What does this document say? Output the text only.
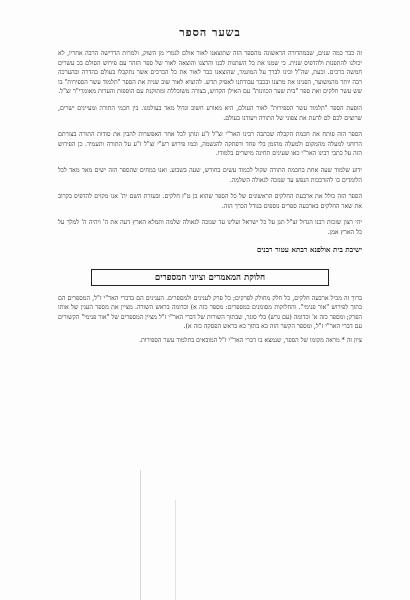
בשער הספר

זה כבר כמה שנים, שבמהדורה הראשונה מהספר הזה שתוצאנו לאור אולם לגמרי מן השוק, ולמרות הדרישה הרבה אחריו, לא יכולנו להתפנות ולהדפיס שנית. כי שמנו את כל השתנות לבנו והרצנו והוצאה לאור של ספר הזהר עם פירוש הסולם בכ עשרים חמשה כרכים. וכעת, שה"ל וכינו לברך על המוגמר, שהוצאנו כבר לאור את כל הכרכים אשר נתקבלו בעולם בהדרה ובהערכה רבה יותר מהמשוער, הפנינו את מרצנו ובכבר עבודתנו לאפיק תדש. להוציא לאור שוב שנית את הספר "תלמוד עשר הספירות" בו שש עשר חלקים ואת ספר "בית שער הכוונות" עם האילן הקדוש, בצורה משוכללת ומתוקנת עם הוספות והערות מאומרי"ר זצ"ל.

הופעת הספר "תלמוד עשר הספירות" לאור העולם, היא מאורע חשוב וגדול מאד בעולמנו. בין חכמי התורה ומעיינים ישרים, שרוצים לכם לם לדעת את צפוני של התורה ויעודנו בעולם.

הספר הזה פותח את חכמת הקבלה שכתבה רבינו האר"י זצ"ל ז"ע ונותן לכל אחר האפשרות להבין את סודות התורה בצורתם הרוחני למעלה מהמקום ולמעלה מהזמן בלי פחד ורפתקה להגשמה, וכמו פירוש רש"י זצ"ל ז"ע על התורה ותעמיד. כן הפירוש הזה על כתבי רבינו האר"י כאו שעינים תחינה מישרים בלמודו.

ידוע שלמוד שעה אחת בחכמת התורה שקול לכמוד עשים בחודש, שעה בשבוע. ואנו במחים שהספר הזה ישים מאד מאד לכל הלומדים בו להזדככות הנפש עד שנזכה לגאולה השלמה.

הספר הזה כולל את ארבעת החלקים הראשונים של כל הספר שהוא בן ט"ז חלקים. ובעזרת השם ית' אנו מקוים להדפיס בקרוב את שאר החלקים בארבעה ספרים נוספים בגודל הכרך הזה.

יהי רצון שזכות רבנו הגדול זצ"ל תגן על כל ישראל ועלינו עד שנזכה לגאולה שלמה ותמלא הארץ דעה את ה' ויהיה ה' למלך על כל הארץ אמן.

ישיבת בית אולפנא רבתא עטור רבנים
חלוקת המאמרים וציוני המספרים

ברוך זה מכיל ארבעה חלקים, כל חלק מחולק לפרקים; כל פרק לענינים ולמספרים. הענינים הם בדברי האר"י ז"ל, המספרים הם בתוך לפירוש "אור פנימי". והחלוקות מסומנים במספרים: מספר כזה א) וכדומה בראש השורה. מציין את מספר הענין של אותו הפרק; ומספר כזה א' וכדומה (עם גרש) בלי סוגר, שבתוך השורות של דברי האר"י ז"ל מציין המספרים של "אור פנימי" הקשורים עם דברי האר"י ז"ל, ומספר הקשר הזה בא בתוך כא בראש הפסקה כזה א).

ציון זה * מראה מקומו של הספר, שנמצא בו דברי האר"י ז"ל המובאים בתלמוד עשר הספירות.
